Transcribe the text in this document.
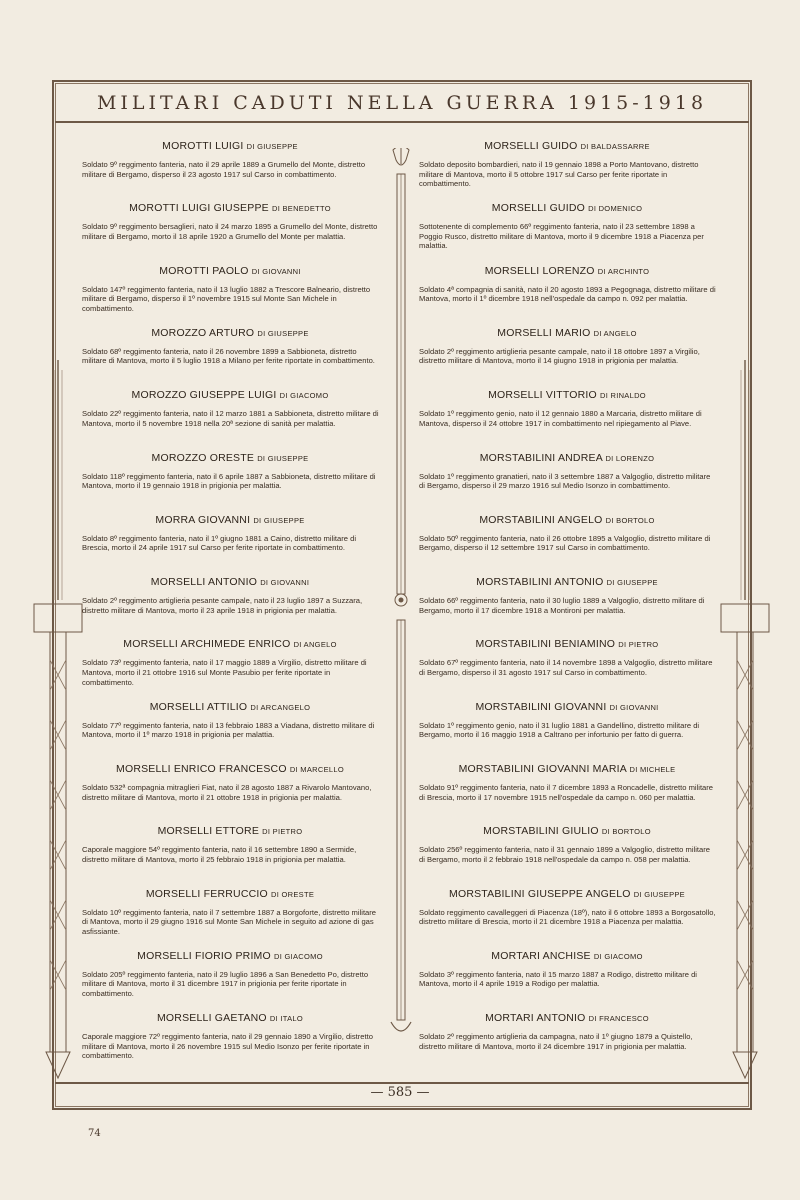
MILITARI CADUTI NELLA GUERRA 1915-1918
MOROTTI LUIGI DI GIUSEPPE
Soldato 9º reggimento fanteria, nato il 29 aprile 1889 a Grumello del Monte, distretto militare di Bergamo, disperso il 23 agosto 1917 sul Carso in combattimento.
MOROTTI LUIGI GIUSEPPE DI BENEDETTO
Soldato 9º reggimento bersaglieri, nato il 24 marzo 1895 a Grumello del Monte, distretto militare di Bergamo, morto il 18 aprile 1920 a Grumello del Monte per malattia.
MOROTTI PAOLO DI GIOVANNI
Soldato 147º reggimento fanteria, nato il 13 luglio 1882 a Trescore Balneario, distretto militare di Bergamo, disperso il 1º novembre 1915 sul Monte San Michele in combattimento.
MOROZZO ARTURO DI GIUSEPPE
Soldato 68º reggimento fanteria, nato il 26 novembre 1899 a Sabbioneta, distretto militare di Mantova, morto il 5 luglio 1918 a Milano per ferite riportate in combattimento.
MOROZZO GIUSEPPE LUIGI DI GIACOMO
Soldato 22º reggimento fanteria, nato il 12 marzo 1881 a Sabbioneta, distretto militare di Mantova, morto il 5 novembre 1918 nella 20ª sezione di sanità per malattia.
MOROZZO ORESTE DI GIUSEPPE
Soldato 118º reggimento fanteria, nato il 6 aprile 1887 a Sabbioneta, distretto militare di Mantova, morto il 19 gennaio 1918 in prigionia per malattia.
MORRA GIOVANNI DI GIUSEPPE
Soldato 8º reggimento fanteria, nato il 1º giugno 1881 a Caino, distretto militare di Brescia, morto il 24 aprile 1917 sul Carso per ferite riportate in combattimento.
MORSELLI ANTONIO DI GIOVANNI
Soldato 2º reggimento artiglieria pesante campale, nato il 23 luglio 1897 a Suzzara, distretto militare di Mantova, morto il 23 aprile 1918 in prigionia per malattia.
MORSELLI ARCHIMEDE ENRICO DI ANGELO
Soldato 73º reggimento fanteria, nato il 17 maggio 1889 a Virgilio, distretto militare di Mantova, morto il 21 ottobre 1916 sul Monte Pasubio per ferite riportate in combattimento.
MORSELLI ATTILIO DI ARCANGELO
Soldato 77º reggimento fanteria, nato il 13 febbraio 1883 a Viadana, distretto militare di Mantova, morto il 1º marzo 1918 in prigionia per malattia.
MORSELLI ENRICO FRANCESCO DI MARCELLO
Soldato 532ª compagnia mitraglieri Fiat, nato il 28 agosto 1887 a Rivarolo Mantovano, distretto militare di Mantova, morto il 21 ottobre 1918 in prigionia per malattia.
MORSELLI ETTORE DI PIETRO
Caporale maggiore 54º reggimento fanteria, nato il 16 settembre 1890 a Sermide, distretto militare di Mantova, morto il 25 febbraio 1918 in prigionia per malattia.
MORSELLI FERRUCCIO DI ORESTE
Soldato 10º reggimento fanteria, nato il 7 settembre 1887 a Borgoforte, distretto militare di Mantova, morto il 29 giugno 1916 sul Monte San Michele in seguito ad azione di gas asfissiante.
MORSELLI FIORIO PRIMO DI GIACOMO
Soldato 205º reggimento fanteria, nato il 29 luglio 1896 a San Benedetto Po, distretto militare di Mantova, morto il 31 dicembre 1917 in prigionia per ferite riportate in combattimento.
MORSELLI GAETANO DI ITALO
Caporale maggiore 72º reggimento fanteria, nato il 29 gennaio 1890 a Virgilio, distretto militare di Mantova, morto il 26 novembre 1915 sul Medio Isonzo per ferite riportate in combattimento.
MORSELLI GUIDO DI BALDASSARRE
Soldato deposito bombardieri, nato il 19 gennaio 1898 a Porto Mantovano, distretto militare di Mantova, morto il 5 ottobre 1917 sul Carso per ferite riportate in combattimento.
MORSELLI GUIDO DI DOMENICO
Sottotenente di complemento 66º reggimento fanteria, nato il 23 settembre 1898 a Poggio Rusco, distretto militare di Mantova, morto il 9 dicembre 1918 a Piacenza per malattia.
MORSELLI LORENZO DI ARCHINTO
Soldato 4ª compagnia di sanità, nato il 20 agosto 1893 a Pegognaga, distretto militare di Mantova, morto il 1º dicembre 1918 nell'ospedale da campo n. 092 per malattia.
MORSELLI MARIO DI ANGELO
Soldato 2º reggimento artiglieria pesante campale, nato il 18 ottobre 1897 a Virgilio, distretto militare di Mantova, morto il 14 giugno 1918 in prigionia per malattia.
MORSELLI VITTORIO DI RINALDO
Soldato 1º reggimento genio, nato il 12 gennaio 1880 a Marcaria, distretto militare di Mantova, disperso il 24 ottobre 1917 in combattimento nel ripiegamento al Piave.
MORSTABILINI ANDREA DI LORENZO
Soldato 1º reggimento granatieri, nato il 3 settembre 1887 a Valgoglio, distretto militare di Bergamo, disperso il 29 marzo 1916 sul Medio Isonzo in combattimento.
MORSTABILINI ANGELO DI BORTOLO
Soldato 50º reggimento fanteria, nato il 26 ottobre 1895 a Valgoglio, distretto militare di Bergamo, disperso il 12 settembre 1917 sul Carso in combattimento.
MORSTABILINI ANTONIO DI GIUSEPPE
Soldato 66º reggimento fanteria, nato il 30 luglio 1889 a Valgoglio, distretto militare di Bergamo, morto il 17 dicembre 1918 a Montironi per malattia.
MORSTABILINI BENIAMINO DI PIETRO
Soldato 67º reggimento fanteria, nato il 14 novembre 1898 a Valgoglio, distretto militare di Bergamo, disperso il 31 agosto 1917 sul Carso in combattimento.
MORSTABILINI GIOVANNI DI GIOVANNI
Soldato 1º reggimento genio, nato il 31 luglio 1881 a Gandellino, distretto militare di Bergamo, morto il 16 maggio 1918 a Caltrano per infortunio per fatto di guerra.
MORSTABILINI GIOVANNI MARIA DI MICHELE
Soldato 91º reggimento fanteria, nato il 7 dicembre 1893 a Roncadelle, distretto militare di Brescia, morto il 17 novembre 1915 nell'ospedale da campo n. 060 per malattia.
MORSTABILINI GIULIO DI BORTOLO
Soldato 256º reggimento fanteria, nato il 31 gennaio 1899 a Valgoglio, distretto militare di Bergamo, morto il 2 febbraio 1918 nell'ospedale da campo n. 058 per malattia.
MORSTABILINI GIUSEPPE ANGELO DI GIUSEPPE
Soldato reggimento cavalleggeri di Piacenza (18º), nato il 6 ottobre 1893 a Borgosatollo, distretto militare di Brescia, morto il 21 dicembre 1918 a Piacenza per malattia.
MORTARI ANCHISE DI GIACOMO
Soldato 3º reggimento fanteria, nato il 15 marzo 1887 a Rodigo, distretto militare di Mantova, morto il 4 aprile 1919 a Rodigo per malattia.
MORTARI ANTONIO DI FRANCESCO
Soldato 2º reggimento artiglieria da campagna, nato il 1º giugno 1879 a Quistello, distretto militare di Mantova, morto il 24 dicembre 1917 in prigionia per malattia.
— 585 —
74
